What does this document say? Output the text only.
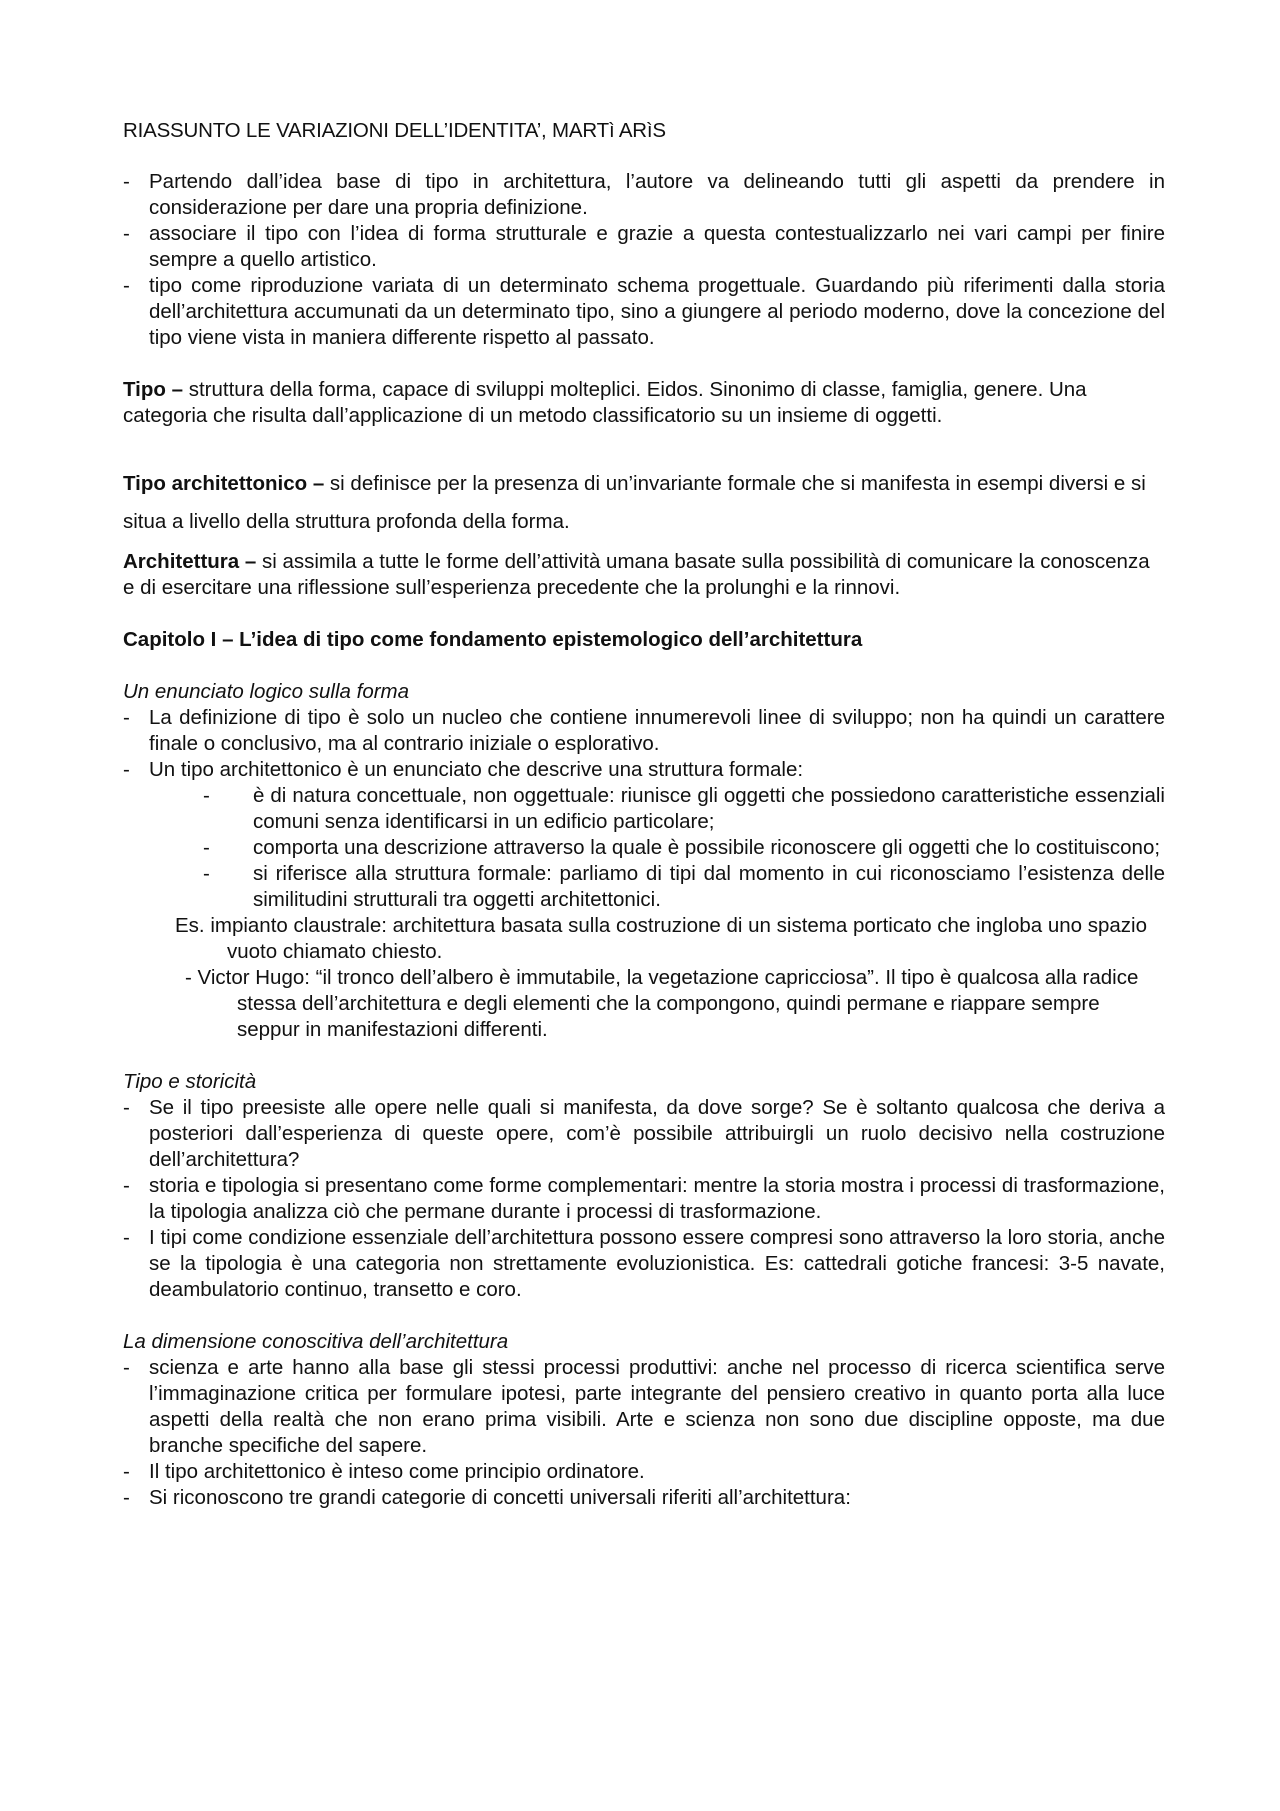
RIASSUNTO LE VARIAZIONI DELL’IDENTITA’, MARTì ARìS

- Partendo dall’idea base di tipo in architettura, l’autore va delineando tutti gli aspetti da prendere in considerazione per dare una propria definizione.
- associare il tipo con l’idea di forma strutturale e grazie a questa contestualizzarlo nei vari campi per finire sempre a quello artistico.
- tipo come riproduzione variata di un determinato schema progettuale. Guardando più riferimenti dalla storia dell’architettura accumunati da un determinato tipo, sino a giungere al periodo moderno, dove la concezione del tipo viene vista in maniera differente rispetto al passato.

Tipo – struttura della forma, capace di sviluppi molteplici. Eidos. Sinonimo di classe, famiglia, genere. Una categoria che risulta dall’applicazione di un metodo classificatorio su un insieme di oggetti.

Tipo architettonico – si definisce per la presenza di un’invariante formale che si manifesta in esempi diversi e si situa a livello della struttura profonda della forma.

Architettura – si assimila a tutte le forme dell’attività umana basate sulla possibilità di comunicare la conoscenza e di esercitare una riflessione sull’esperienza precedente che la prolunghi e la rinnovi.

Capitolo I – L’idea di tipo come fondamento epistemologico dell’architettura

Un enunciato logico sulla forma

- La definizione di tipo è solo un nucleo che contiene innumerevoli linee di sviluppo; non ha quindi un carattere finale o conclusivo, ma al contrario iniziale o esplorativo.
- Un tipo architettonico è un enunciato che descrive una struttura formale:
- è di natura concettuale, non oggettuale: riunisce gli oggetti che possiedono caratteristiche essenziali comuni senza identificarsi in un edificio particolare;
- comporta una descrizione attraverso la quale è possibile riconoscere gli oggetti che lo costituiscono;
- si riferisce alla struttura formale: parliamo di tipi dal momento in cui riconosciamo l’esistenza delle similitudini strutturali tra oggetti architettonici.

Es. impianto claustrale: architettura basata sulla costruzione di un sistema porticato che ingloba uno spazio vuoto chiamato chiesto.

- Victor Hugo: “il tronco dell’albero è immutabile, la vegetazione capricciosa”. Il tipo è qualcosa alla radice stessa dell’architettura e degli elementi che la compongono, quindi permane e riappare sempre seppur in manifestazioni differenti.

Tipo e storicità

- Se il tipo preesiste alle opere nelle quali si manifesta, da dove sorge? Se è soltanto qualcosa che deriva a posteriori dall’esperienza di queste opere, com’è possibile attribuirgli un ruolo decisivo nella costruzione dell’architettura?
- storia e tipologia si presentano come forme complementari: mentre la storia mostra i processi di trasformazione, la tipologia analizza ciò che permane durante i processi di trasformazione.
- I tipi come condizione essenziale dell’architettura possono essere compresi sono attraverso la loro storia, anche se la tipologia è una categoria non strettamente evoluzionistica. Es: cattedrali gotiche francesi: 3-5 navate, deambulatorio continuo, transetto e coro.

La dimensione conoscitiva dell’architettura

- scienza e arte hanno alla base gli stessi processi produttivi: anche nel processo di ricerca scientifica serve l’immaginazione critica per formulare ipotesi, parte integrante del pensiero creativo in quanto porta alla luce aspetti della realtà che non erano prima visibili. Arte e scienza non sono due discipline opposte, ma due branche specifiche del sapere.
- Il tipo architettonico è inteso come principio ordinatore.
- Si riconoscono tre grandi categorie di concetti universali riferiti all’architettura:
